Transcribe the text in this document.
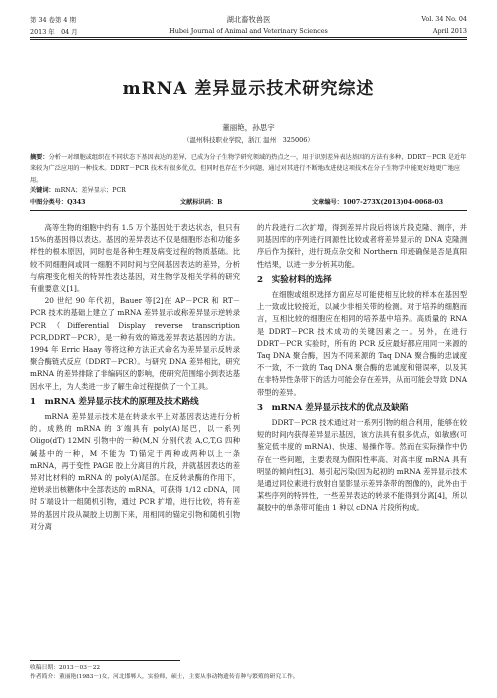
第 34 卷第 4 期
2013 年　04 月
湖北畜牧兽医
Hubei Journal of Animal and Veterinary Sciences
Vol. 34 No. 04
April 2013
mRNA 差异显示技术研究综述
董丽艳，孙思宇
（温州科技职业学院，浙江 温州　325006）
摘要：分析一对细胞或组织在不同状态下基因表达的差异，已成为分子生物学研究领域的热点之一，用于识别差异表达基因的方法有多种，DDRT－PCR 是近年来较为广泛应用的一种技术。DDRT－PCR 技术有很多优点，但同时也存在不少问题，通过对其进行不断地改进使这项技术在分子生物学中能更好地更广地应用。
关键词：mRNA；差异显示；PCR
中图分类号：Q343	文献标识码：B	文章编号：1007-273X(2013)04-0068-03

高等生物的细胞中约有 1.5 万个基因处于表达状态，但只有 15%的基因得以表达。基因的差异表达不仅是细胞形态和功能多样性的根本原因，同时也是各种生理及病变过程的物质基础。比较不同细胞间或同一细胞不同时间与空间基因表达的差异，分析与病理变化相关的特异性表达基因，对生物学及相关学科的研究有重要意义[1]。

20 世纪 90 年代初，Bauer 等[2]在 AP－PCR 和 RT－PCR 技术的基础上建立了 mRNA 差异显示或称差异显示逆转录 PCR（Differential Display reverse transcription PCR,DDRT－PCR），是一种有效的筛选差异表达基因的方法。1994 年 Erric Haay 等将这种方法正式命名为差异显示反转录聚合酶链式反应（DDRT－PCR）。与研究 DNA 差异相比，研究 mRNA 的差异排除了非编码区的影响，使研究范围缩小到表达基因水平上，为人类进一步了解生命过程提供了一个工具。

1　mRNA 差异显示技术的原理及技术路线

mRNA 差异显示技术是在转录水平上对基因表达进行分析的。成熟的 mRNA 的 3′端具有 poly(A)尾巴，以一系列 Oligo(dT) 12MN 引物中的一种(M,N 分别代表 A,C,T,G 四种碱基中的一种，M 不能为 T)锚定于两种或两种以上一条 mRNA，再于变性 PAGE 胶上分离目的片段，并就基因表达的差异对比材料的 mRNA 的 poly(A)尾部。在反转录酶的作用下，逆转录出核糖体中全部表达的 mRNA，可获得 1/12 cDNA，同时 5′端设计一组随机引物，通过 PCR 扩增，进行比较，将有差异的基因片段从凝胶上切割下来，用相同的锚定引物和随机引物对分离

的片段进行二次扩增，得到差异片段后将该片段克隆、测序，并同基因库的序列进行同源性比较或者将差异显示的 DNA 克隆测序后作为探针，进行斑点杂交和 Northern 印迹确保是否是真阳性结果，以进一步分析其功能。

2　实验材料的选择

在细胞或组织选择方面应尽可能使相互比较的样本在基因型上一致或比较接近，以减少非相关带的检测。对于培养的细胞而言，互相比较的细胞应在相同的培养基中培养。高质量的 RNA 是 DDRT－PCR 技术成功的关键因素之一。另外，在进行 DDRT－PCR 实验时，所有的 PCR 反应最好都应用同一来源的 Taq DNA 聚合酶，因为不同来源的 Taq DNA 聚合酶的忠诚度不一致，不一致的 Taq DNA 聚合酶的忠诚度和错误率，以及其在非特异性条带下的活力可能会存在差异，从而可能会导致 DNA 带型的差异。

3　mRNA 差异显示技术的优点及缺陷

DDRT－PCR 技术通过对一系列引物的组合利用，能够在较短的时间内获得差异显示基因，该方法具有很多优点，如敏感(可鉴定低丰度的 mRNA)、快速、易操作等。然而在实际操作中仍存在一些问题，主要表现为假阳性率高、对高丰度 mRNA 具有明显的倾向性[3]、易引起污染(因为起初的 mRNA 差异显示技术是通过同位素进行放射自显影显示差异条带的图像的)，此外由于某些序列的特异性，一些差异表达的转录不能得到分离[4]，所以凝胶中的单条带可能由 1 种以 cDNA 片段所构成。

收稿日期：2013－03－22
作者简介：董丽艳(1983－)女，河北邯郸人，实验师，硕士，主要从事动物遗传育种与繁殖的研究工作。
